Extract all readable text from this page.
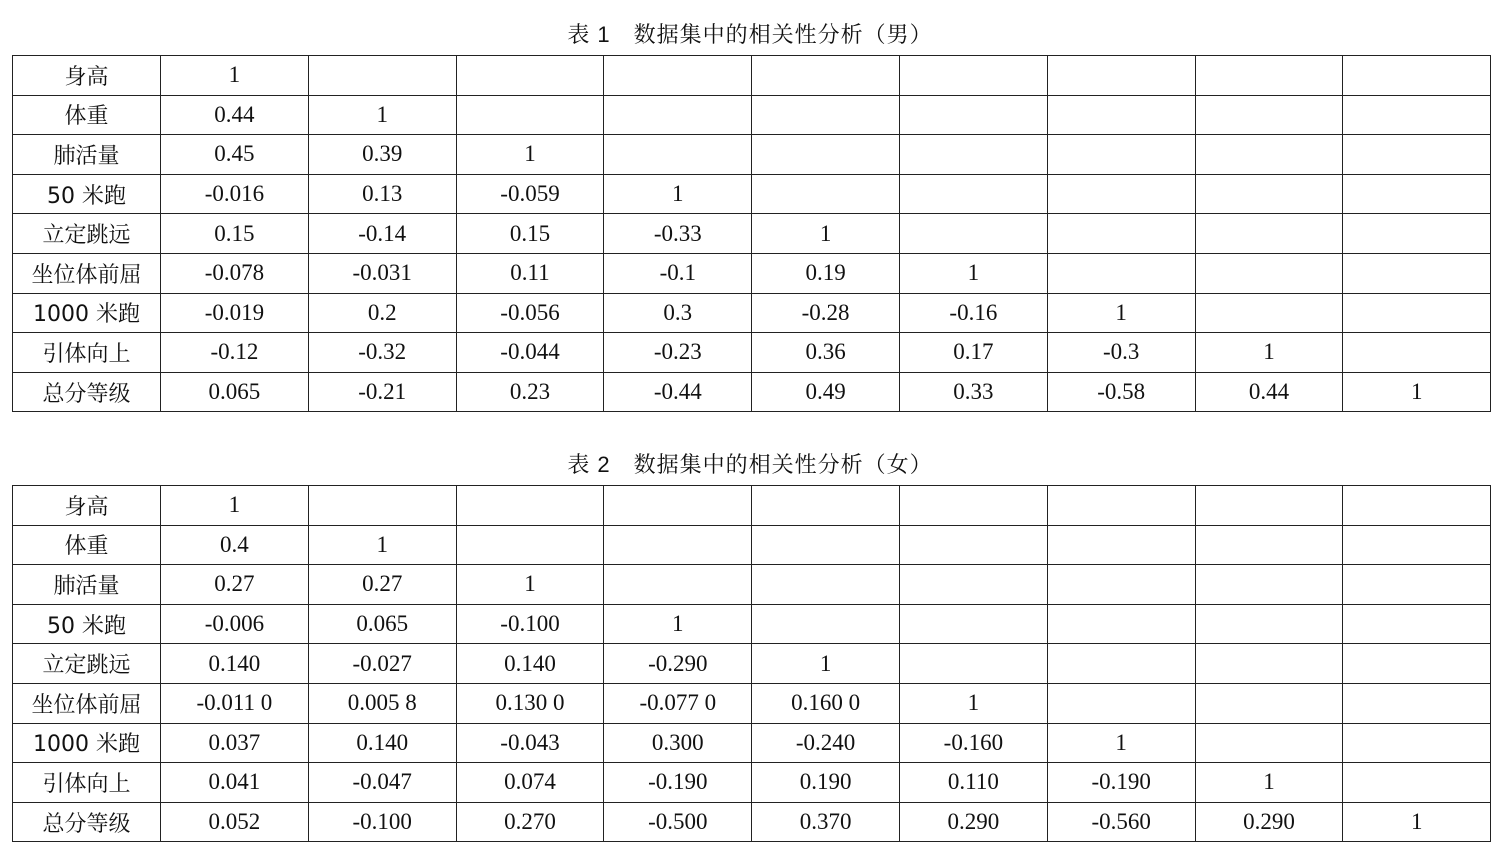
表 1　数据集中的相关性分析（男）
身高	1								
体重	0.44	1							
肺活量	0.45	0.39	1						
50 米跑	-0.016	0.13	-0.059	1					
立定跳远	0.15	-0.14	0.15	-0.33	1				
坐位体前屈	-0.078	-0.031	0.11	-0.1	0.19	1			
1000 米跑	-0.019	0.2	-0.056	0.3	-0.28	-0.16	1		
引体向上	-0.12	-0.32	-0.044	-0.23	0.36	0.17	-0.3	1	
总分等级	0.065	-0.21	0.23	-0.44	0.49	0.33	-0.58	0.44	1
表 2　数据集中的相关性分析（女）
身高	1								
体重	0.4	1							
肺活量	0.27	0.27	1						
50 米跑	-0.006	0.065	-0.100	1					
立定跳远	0.140	-0.027	0.140	-0.290	1				
坐位体前屈	-0.011 0	0.005 8	0.130 0	-0.077 0	0.160 0	1			
1000 米跑	0.037	0.140	-0.043	0.300	-0.240	-0.160	1		
引体向上	0.041	-0.047	0.074	-0.190	0.190	0.110	-0.190	1	
总分等级	0.052	-0.100	0.270	-0.500	0.370	0.290	-0.560	0.290	1
